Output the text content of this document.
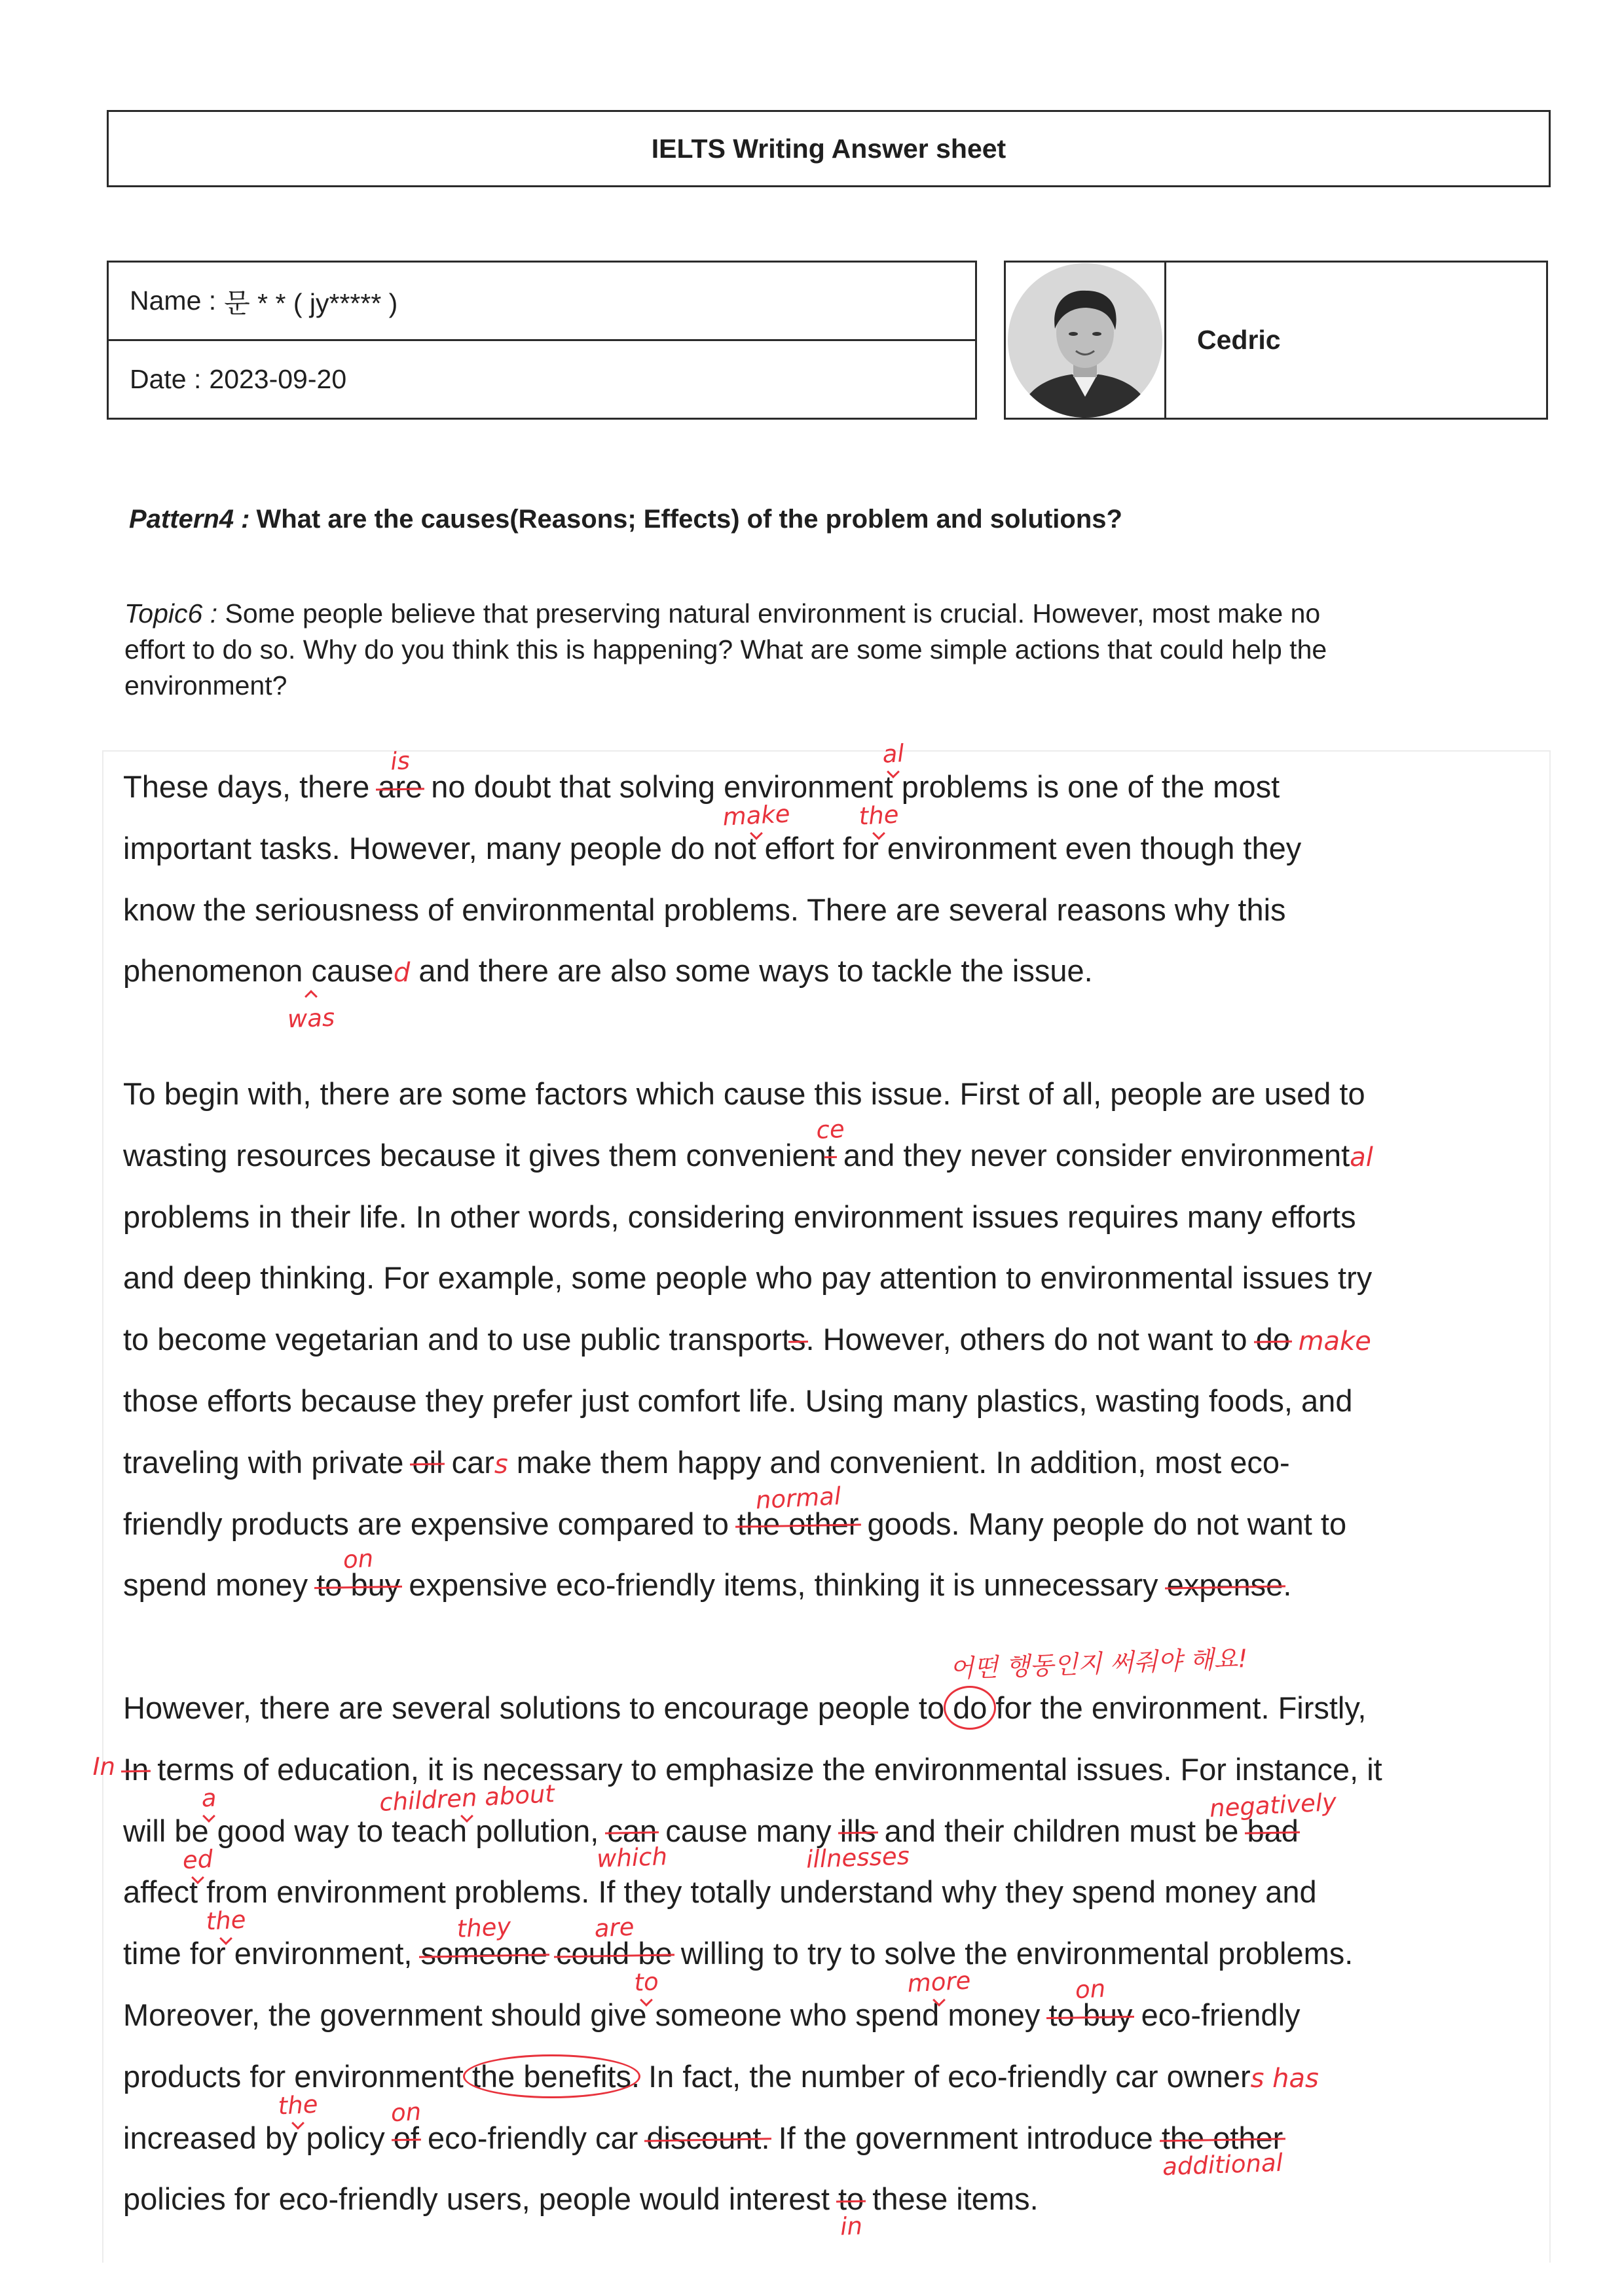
IELTS Writing Answer sheet
Name : 문 * * ( jy***** )
Date : 2023-09-20
Cedric
Pattern4 : What are the causes(Reasons; Effects) of the problem and solutions?
Topic6 : Some people believe that preserving natural environment is crucial. However, most make no
effort to do so. Why do you think this is happening? What are some simple actions that could help the
environment?
These days, there are
is
no doubt that solving environment
al
problems is one of the most
important tasks. However, many people do not
make
effort for
the
environment even though they
know the seriousness of environmental problems. There are several reasons why this
phenomenon
was
caused and there are also some ways to tackle the issue.
To begin with, there are some factors which cause this issue. First of all, people are used to
wasting resources because it gives them convenient
ce
and they never consider environmental
problems in their life. In other words, considering environment issues requires many efforts
and deep thinking. For example, some people who pay attention to environmental issues try
to become vegetarian and to use public transports. However, others do not want to do make
those efforts because they prefer just comfort life. Using many plastics, wasting foods, and
traveling with private oil cars make them happy and convenient. In addition, most eco-
friendly products are expensive compared to the other
normal
goods. Many people do not want to
spend money to buy
on
expensive eco-friendly items, thinking it is unnecessary expense.
However, there are several solutions to encourage people to do
어떤 행동인지 써줘야 해요!
for the environment. Firstly,
In
In terms of education, it is necessary to emphasize the environmental issues. For instance, it
will be
a
good way to teach
children about
pollution, can
which
cause many ills
illnesses
and their children must be bad
negatively
affect
ed
from environment problems. If they totally understand why they spend money and
time for
the
environment, someone
they
could be
are
willing to try to solve the environmental problems.
Moreover, the government should give
to
someone who spend
more
money to buy
on
eco-friendly
products for environment the benefits. In fact, the number of eco-friendly car owners has
increased by
the
policy of
on
eco-friendly car discount. If the government introduce the other
additional
policies for eco-friendly users, people would interest to
in
these items.
